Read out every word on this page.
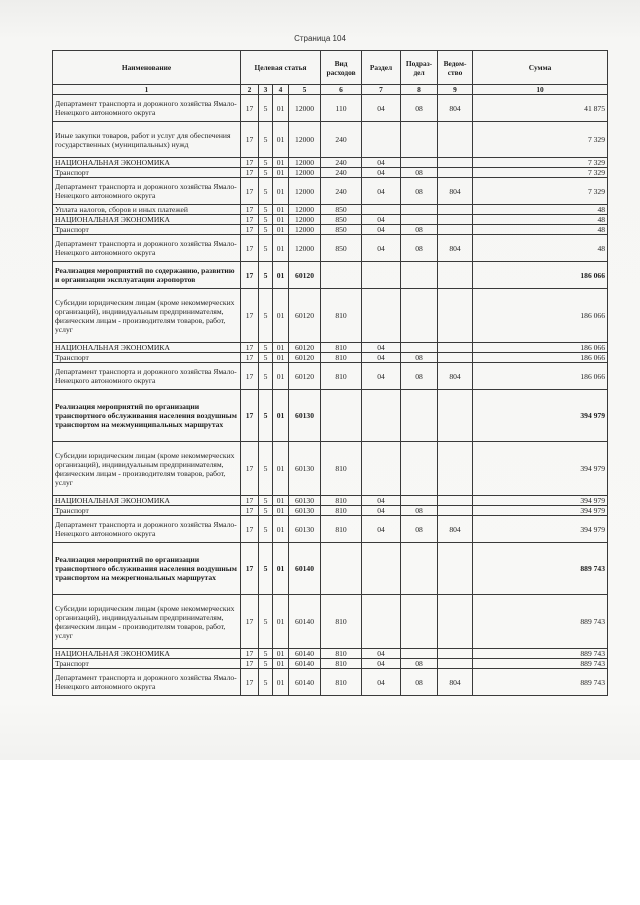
Страница 104
Наименование	Целевая статья				Вид расходов	Раздел	Подраз-дел	Ведом-ство	Сумма
1	2	3	4	5	6	7	8	9	10
Департамент транспорта и дорожного хозяйства Ямало-Ненецкого автономного округа	17	5	01	12000	110	04	08	804	41 875
Иные закупки товаров, работ и услуг для обеспечения государственных (муниципальных) нужд	17	5	01	12000	240				7 329
НАЦИОНАЛЬНАЯ ЭКОНОМИКА	17	5	01	12000	240	04			7 329
Транспорт	17	5	01	12000	240	04	08		7 329
Департамент транспорта и дорожного хозяйства Ямало-Ненецкого автономного округа	17	5	01	12000	240	04	08	804	7 329
Уплата налогов, сборов и иных платежей	17	5	01	12000	850				48
НАЦИОНАЛЬНАЯ ЭКОНОМИКА	17	5	01	12000	850	04			48
Транспорт	17	5	01	12000	850	04	08		48
Департамент транспорта и дорожного хозяйства Ямало-Ненецкого автономного округа	17	5	01	12000	850	04	08	804	48
Реализация мероприятий по содержанию, развитию и организации эксплуатации аэропортов	17	5	01	60120					186 066
Субсидии юридическим лицам (кроме некоммерческих организаций), индивидуальным предпринимателям, физическим лицам - производителям товаров, работ, услуг	17	5	01	60120	810				186 066
НАЦИОНАЛЬНАЯ ЭКОНОМИКА	17	5	01	60120	810	04			186 066
Транспорт	17	5	01	60120	810	04	08		186 066
Департамент транспорта и дорожного хозяйства Ямало-Ненецкого автономного округа	17	5	01	60120	810	04	08	804	186 066
Реализация мероприятий по организации транспортного обслуживания населения воздушным транспортом на межмуниципальных маршрутах	17	5	01	60130					394 979
Субсидии юридическим лицам (кроме некоммерческих организаций), индивидуальным предпринимателям, физическим лицам - производителям товаров, работ, услуг	17	5	01	60130	810				394 979
НАЦИОНАЛЬНАЯ ЭКОНОМИКА	17	5	01	60130	810	04			394 979
Транспорт	17	5	01	60130	810	04	08		394 979
Департамент транспорта и дорожного хозяйства Ямало-Ненецкого автономного округа	17	5	01	60130	810	04	08	804	394 979
Реализация мероприятий по организации транспортного обслуживания населения воздушным транспортом на межрегиональных маршрутах	17	5	01	60140					889 743
Субсидии юридическим лицам (кроме некоммерческих организаций), индивидуальным предпринимателям, физическим лицам - производителям товаров, работ, услуг	17	5	01	60140	810				889 743
НАЦИОНАЛЬНАЯ ЭКОНОМИКА	17	5	01	60140	810	04			889 743
Транспорт	17	5	01	60140	810	04	08		889 743
Департамент транспорта и дорожного хозяйства Ямало-Ненецкого автономного округа	17	5	01	60140	810	04	08	804	889 743
